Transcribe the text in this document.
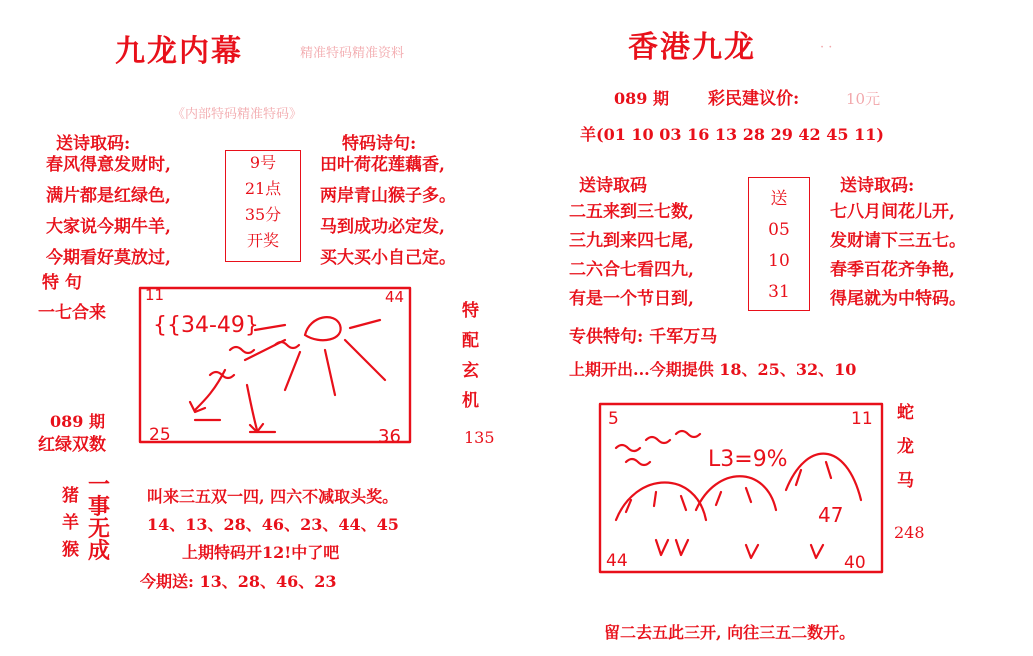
九龙内幕	精准特码精准资料
《内部特码精准特码》
送诗取码:	特码诗句:
春风得意发财时,
满片都是红绿色,
大家说今期牛羊,
今期看好莫放过,
9号
21点
35分
开奖
田叶荷花莲藕香,
两岸青山猴子多。
马到成功必定发,
买大买小自己定。
特 句
一七合来
11	44
25	36
{{34-49}
特
配
玄
机
089 期
红绿双数	135
猪
羊
猴
一
事
无
成
叫来三五双一四, 四六不减取头奖。
14、13、28、46、23、44、45
上期特码开12!中了吧
今期送: 13、28、46、23
香港九龙	· ·
089 期 彩民建议价:	10元
羊(01 10 03 16 13 28 29 42 45 11)
送诗取码	送诗取码:
二五来到三七数,
三九到来四七尾,
二六合七看四九,
有是一个节日到,
送
05
10
31
七八月间花儿开,
发财请下三五七。
春季百花齐争艳,
得尾就为中特码。
专供特句: 千军万马
上期开出...今期提供 18、25、32、10
5	11
44	40
47
L3=9%
蛇
龙
马
248
留二去五此三开, 向往三五二数开。
